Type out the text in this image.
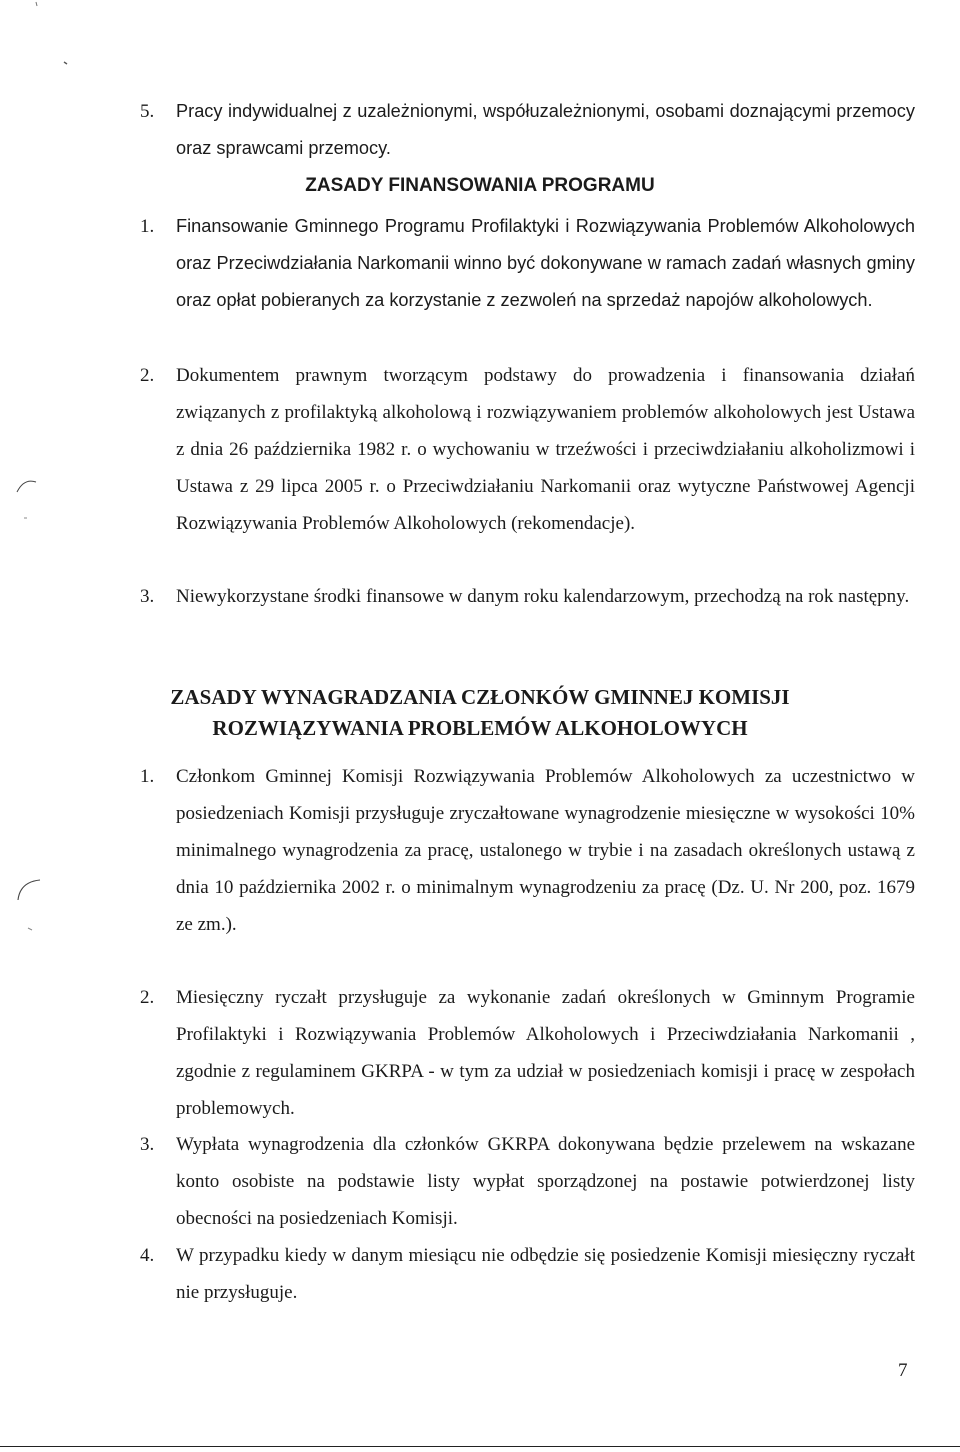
5. Pracy indywidualnej z uzależnionymi, współuzależnionymi, osobami doznającymi przemocy oraz sprawcami przemocy.
ZASADY FINANSOWANIA PROGRAMU
1. Finansowanie Gminnego Programu Profilaktyki i Rozwiązywania Problemów Alkoholowych oraz Przeciwdziałania Narkomanii winno być dokonywane w ramach zadań własnych gminy oraz opłat pobieranych za korzystanie z zezwoleń na sprzedaż napojów alkoholowych.
2. Dokumentem prawnym tworzącym podstawy do prowadzenia i finansowania działań związanych z profilaktyką alkoholową i rozwiązywaniem problemów alkoholowych jest Ustawa z dnia 26 października 1982 r. o wychowaniu w trzeźwości i przeciwdziałaniu alkoholizmowi i Ustawa z 29 lipca 2005 r. o Przeciwdziałaniu Narkomanii oraz wytyczne Państwowej Agencji Rozwiązywania Problemów Alkoholowych (rekomendacje).
3. Niewykorzystane środki finansowe w danym roku kalendarzowym, przechodzą na rok następny.
ZASADY WYNAGRADZANIA CZŁONKÓW GMINNEJ KOMISJI
ROZWIĄZYWANIA PROBLEMÓW ALKOHOLOWYCH
1. Członkom Gminnej Komisji Rozwiązywania Problemów Alkoholowych za uczestnictwo w posiedzeniach Komisji przysługuje zryczałtowane wynagrodzenie miesięczne w wysokości 10% minimalnego wynagrodzenia za pracę, ustalonego w trybie i na zasadach określonych ustawą z dnia 10 października 2002 r. o minimalnym wynagrodzeniu za pracę (Dz. U. Nr 200, poz. 1679 ze zm.).
2. Miesięczny ryczałt przysługuje za wykonanie zadań określonych w Gminnym Programie Profilaktyki i Rozwiązywania Problemów Alkoholowych i Przeciwdziałania Narkomanii , zgodnie z regulaminem GKRPA - w tym za udział w posiedzeniach komisji i pracę w zespołach problemowych.
3. Wypłata wynagrodzenia dla członków GKRPA dokonywana będzie przelewem na wskazane konto osobiste na podstawie listy wypłat sporządzonej na postawie potwierdzonej listy obecności na posiedzeniach Komisji.
4. W przypadku kiedy w danym miesiącu nie odbędzie się posiedzenie Komisji miesięczny ryczałt nie przysługuje.
7
